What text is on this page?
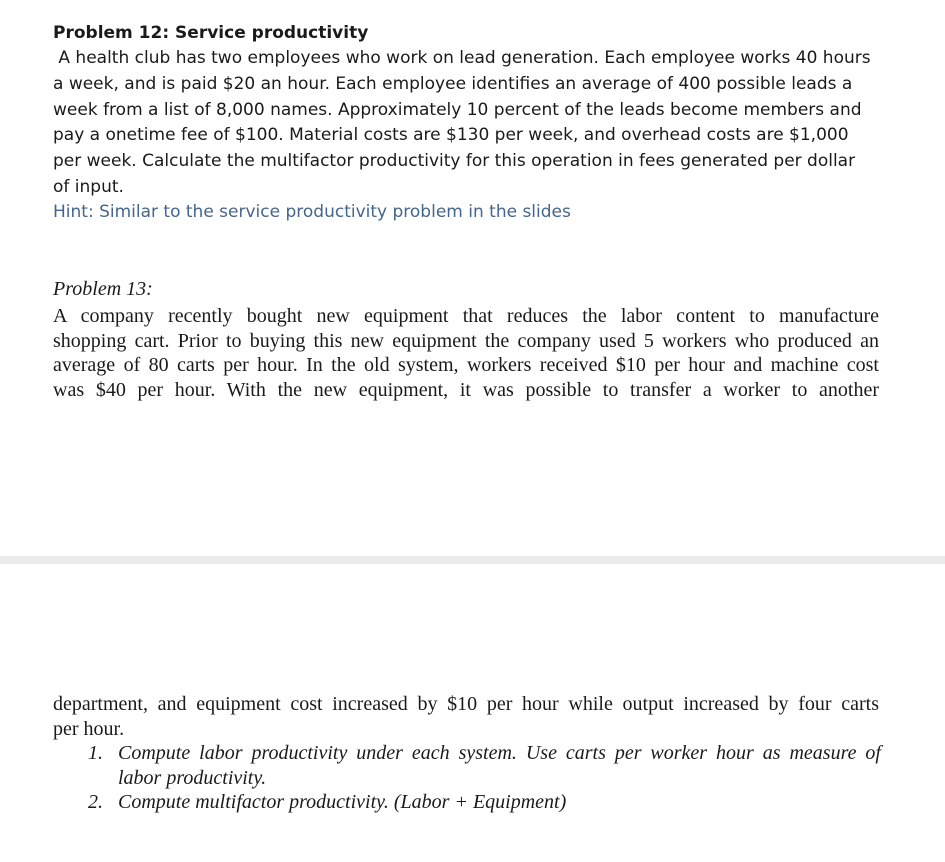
Problem 12: Service productivity
A health club has two employees who work on lead generation. Each employee works 40 hours
a week, and is paid $20 an hour. Each employee identifies an average of 400 possible leads a
week from a list of 8,000 names. Approximately 10 percent of the leads become members and
pay a onetime fee of $100. Material costs are $130 per week, and overhead costs are $1,000
per week. Calculate the multifactor productivity for this operation in fees generated per dollar
of input.
Hint: Similar to the service productivity problem in the slides
Problem 13:
A company recently bought new equipment that reduces the labor content to manufacture
shopping cart. Prior to buying this new equipment the company used 5 workers who produced an
average of 80 carts per hour. In the old system, workers received $10 per hour and machine cost
was $40 per hour. With the new equipment, it was possible to transfer a worker to another
department, and equipment cost increased by $10 per hour while output increased by four carts
per hour.
1. Compute labor productivity under each system. Use carts per worker hour as measure of
labor productivity.
2. Compute multifactor productivity. (Labor + Equipment)
